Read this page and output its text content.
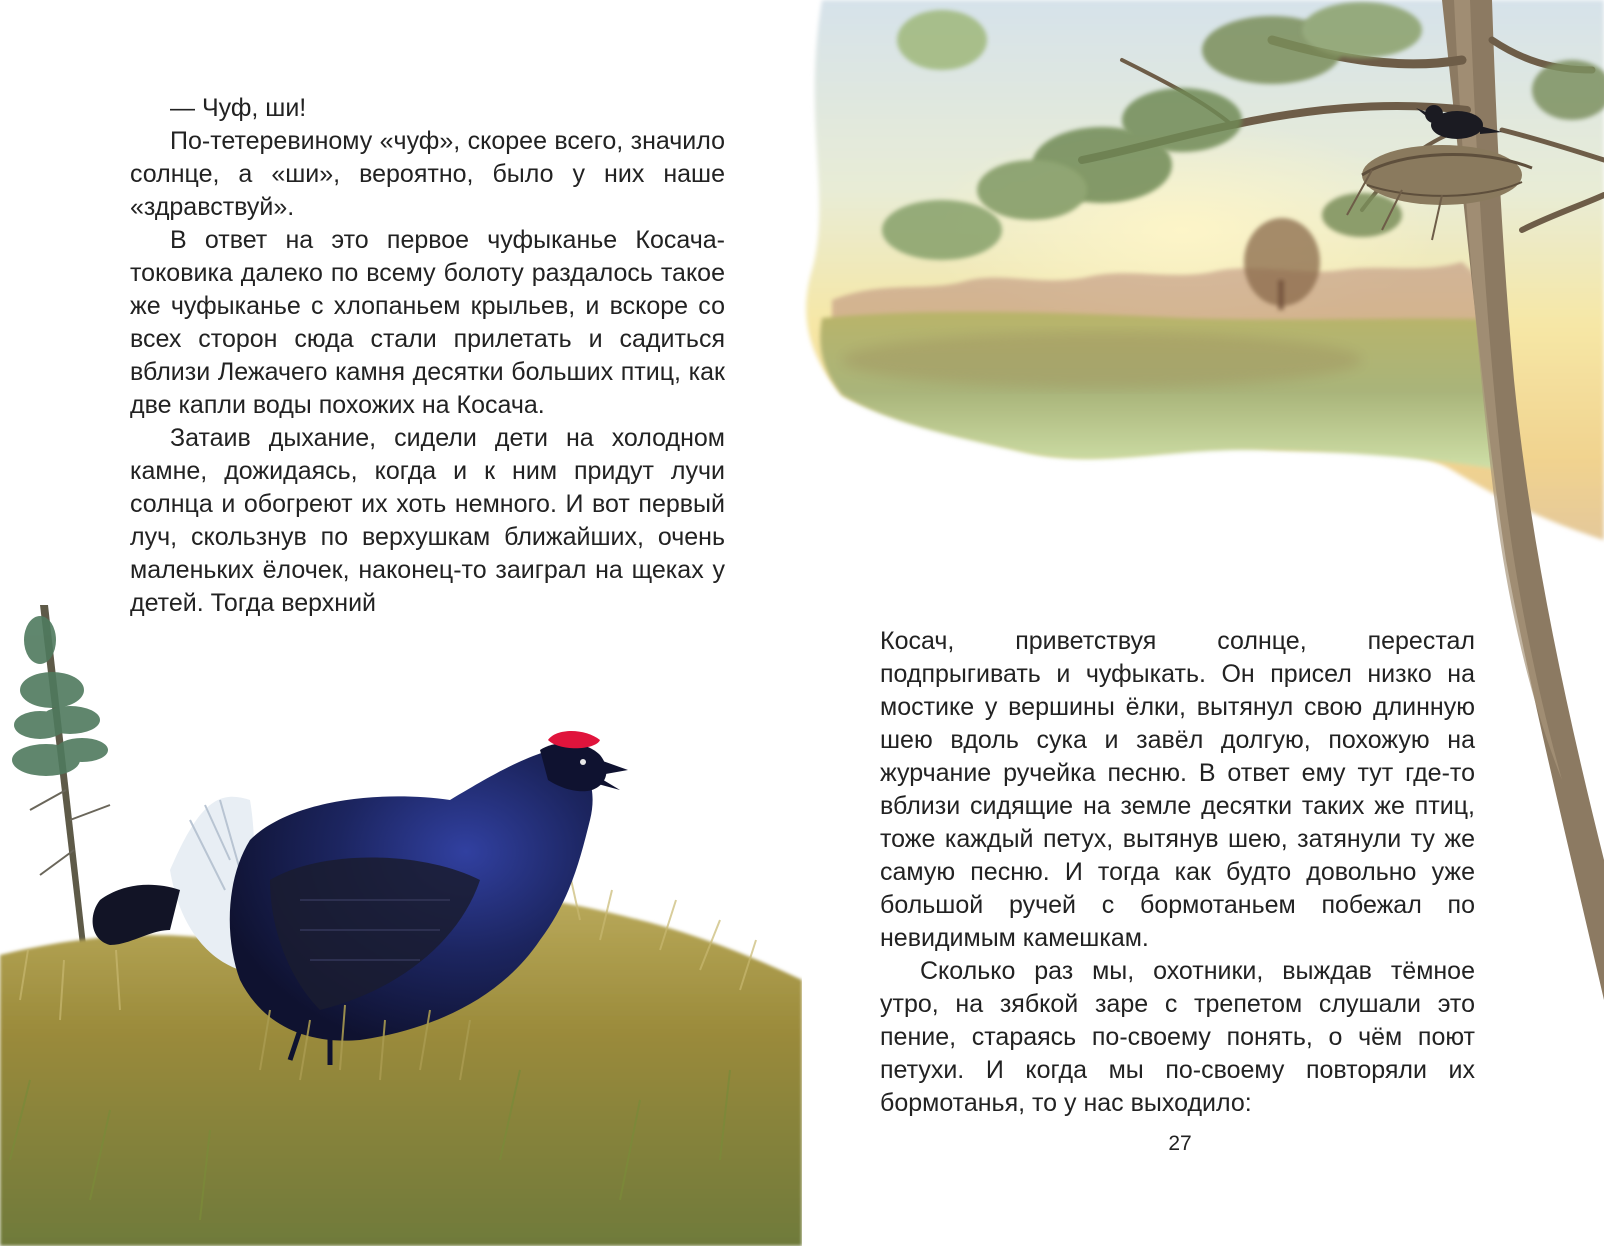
— Чуф, ши!

По-тетеревиному «чуф», скорее всего, значило солнце, а «ши», вероятно, было у них наше «здравствуй».

В ответ на это первое чуфыканье Косача-токовика далеко по всему болоту раздалось такое же чуфыканье с хлопаньем крыльев, и вскоре со всех сторон сюда стали прилетать и садиться вблизи Лежачего камня десятки больших птиц, как две капли воды похожих на Косача.

Затаив дыхание, сидели дети на холодном камне, дожидаясь, когда и к ним придут лучи солнца и обогреют их хоть немного. И вот первый луч, скользнув по верхушкам ближайших, очень маленьких ёлочек, наконец-то заиграл на щеках у детей. Тогда верхний

Косач, приветствуя солнце, перестал подпрыгивать и чуфыкать. Он присел низко на мостике у вершины ёлки, вытянул свою длинную шею вдоль сука и завёл долгую, похожую на журчание ручейка песню. В ответ ему тут где-то вблизи сидящие на земле десятки таких же птиц, тоже каждый петух, вытянув шею, затянули ту же самую песню. И тогда как будто довольно уже большой ручей с бормотаньем побежал по невидимым камешкам.

Сколько раз мы, охотники, выждав тёмное утро, на зябкой заре с трепетом слушали это пение, стараясь по-своему понять, о чём поют петухи. И когда мы по-своему повторяли их бормотанья, то у нас выходило:

27
